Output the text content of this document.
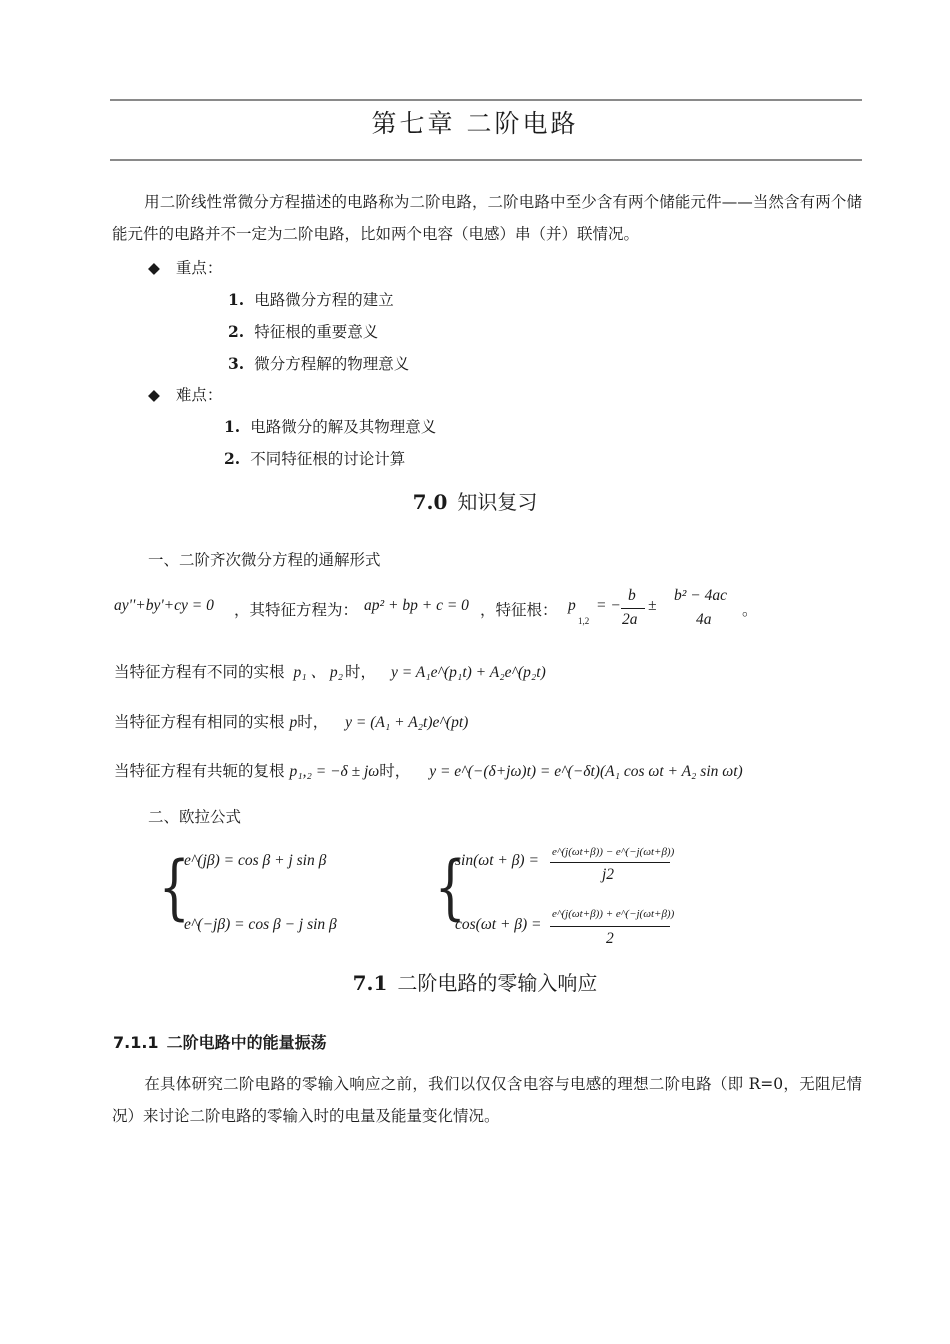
第七章 二阶电路
用二阶线性常微分方程描述的电路称为二阶电路，二阶电路中至少含有两个储能元件——当然含有两个储能元件的电路并不一定为二阶电路，比如两个电容（电感）串（并）联情况。
◆ 重点：
1. 电路微分方程的建立
2. 特征根的重要意义
3. 微分方程解的物理意义
◆ 难点：
1. 电路微分的解及其物理意义
2. 不同特征根的讨论计算
7.0 知识复习
一、二阶齐次微分方程的通解形式
ay''+by'+cy = 0 ，其特征方程为： ap² + bp + c = 0 ，特征根： p
1,2
= −
b
2a
±
b² − 4ac
4a
。
当特征方程有不同的实根 p₁ 、 p₂ 时， y = A₁e^(p₁t) + A₂e^(p₂t)
当特征方程有相同的实根 p时， y = (A₁ + A₂t)e^(pt)
当特征方程有共轭的复根 p₁,₂ = −δ ± jω时， y = e^(−(δ+jω)t) = e^(−δt)(A₁ cos ωt + A₂ sin ωt)
二、欧拉公式
{
e^(jβ) = cos β + j sin β
e^(−jβ) = cos β − j sin β {
sin(ωt + β) = e^(j(ωt+β)) − e^(−j(ωt+β))
j2
cos(ωt + β) =
e^(j(ωt+β)) + e^(−j(ωt+β))
2
7.1 二阶电路的零输入响应
7.1.1 二阶电路中的能量振荡
在具体研究二阶电路的零输入响应之前，我们以仅仅含电容与电感的理想二阶电路（即 R=0，无阻尼情况）来讨论二阶电路的零输入时的电量及能量变化情况。
